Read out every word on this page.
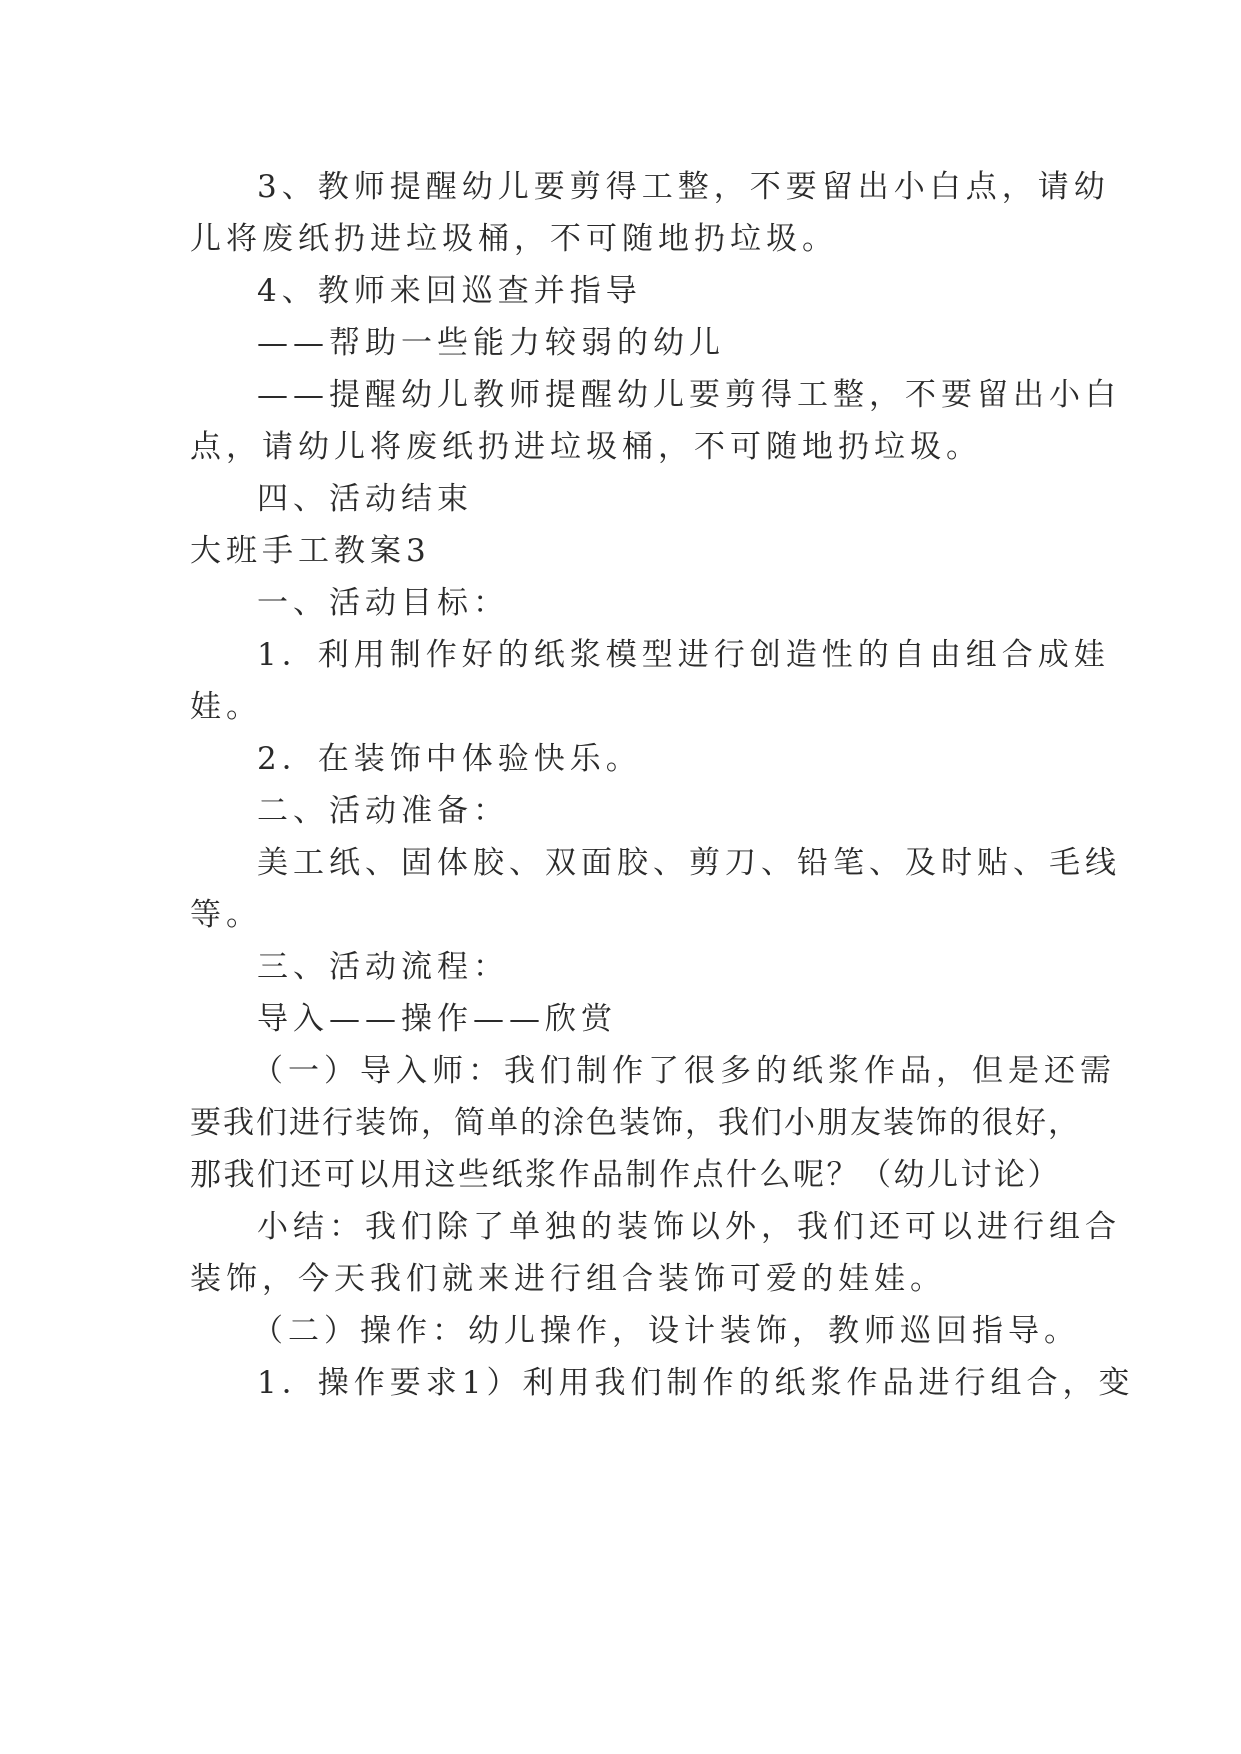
3、教师提醒幼儿要剪得工整，不要留出小白点，请幼
儿将废纸扔进垃圾桶，不可随地扔垃圾。
4、教师来回巡查并指导
——帮助一些能力较弱的幼儿
——提醒幼儿教师提醒幼儿要剪得工整，不要留出小白
点，请幼儿将废纸扔进垃圾桶，不可随地扔垃圾。
四、活动结束
大班手工教案3
一、活动目标：
1．利用制作好的纸浆模型进行创造性的自由组合成娃
娃。
2．在装饰中体验快乐。
二、活动准备：
美工纸、固体胶、双面胶、剪刀、铅笔、及时贴、毛线
等。
三、活动流程：
导入——操作——欣赏
（一）导入师：我们制作了很多的纸浆作品，但是还需
要我们进行装饰，简单的涂色装饰，我们小朋友装饰的很好，
那我们还可以用这些纸浆作品制作点什么呢？（幼儿讨论）
小结：我们除了单独的装饰以外，我们还可以进行组合
装饰，今天我们就来进行组合装饰可爱的娃娃。
（二）操作：幼儿操作，设计装饰，教师巡回指导。
1．操作要求1）利用我们制作的纸浆作品进行组合，变
